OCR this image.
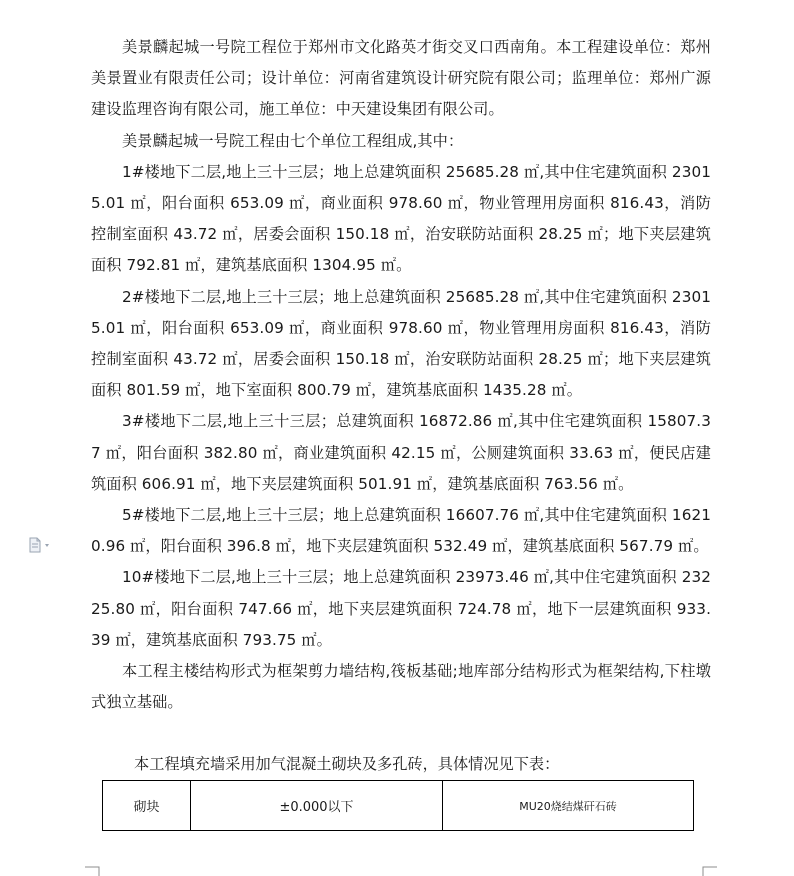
美景麟起城一号院工程位于郑州市文化路英才街交叉口西南角。本工程建设单位：郑州美景置业有限责任公司；设计单位：河南省建筑设计研究院有限公司；监理单位：郑州广源建设监理咨询有限公司，施工单位：中天建设集团有限公司。

美景麟起城一号院工程由七个单位工程组成,其中：

1#楼地下二层,地上三十三层；地上总建筑面积 25685.28 ㎡,其中住宅建筑面积 23015.01 ㎡，阳台面积 653.09 ㎡，商业面积 978.60 ㎡，物业管理用房面积 816.43，消防控制室面积 43.72 ㎡，居委会面积 150.18 ㎡，治安联防站面积 28.25 ㎡；地下夹层建筑面积 792.81 ㎡，建筑基底面积 1304.95 ㎡。

2#楼地下二层,地上三十三层；地上总建筑面积 25685.28 ㎡,其中住宅建筑面积 23015.01 ㎡，阳台面积 653.09 ㎡，商业面积 978.60 ㎡，物业管理用房面积 816.43，消防控制室面积 43.72 ㎡，居委会面积 150.18 ㎡，治安联防站面积 28.25 ㎡；地下夹层建筑面积 801.59 ㎡，地下室面积 800.79 ㎡，建筑基底面积 1435.28 ㎡。

3#楼地下二层,地上三十三层；总建筑面积 16872.86 ㎡,其中住宅建筑面积 15807.37 ㎡，阳台面积 382.80 ㎡，商业建筑面积 42.15 ㎡，公厕建筑面积 33.63 ㎡，便民店建筑面积 606.91 ㎡，地下夹层建筑面积 501.91 ㎡，建筑基底面积 763.56 ㎡。

5#楼地下二层,地上三十三层；地上总建筑面积 16607.76 ㎡,其中住宅建筑面积 16210.96 ㎡，阳台面积 396.8 ㎡，地下夹层建筑面积 532.49 ㎡，建筑基底面积 567.79 ㎡。

10#楼地下二层,地上三十三层；地上总建筑面积 23973.46 ㎡,其中住宅建筑面积 23225.80 ㎡，阳台面积 747.66 ㎡，地下夹层建筑面积 724.78 ㎡，地下一层建筑面积 933.39 ㎡，建筑基底面积 793.75 ㎡。

本工程主楼结构形式为框架剪力墙结构,筏板基础;地库部分结构形式为框架结构,下柱墩式独立基础。

本工程填充墙采用加气混凝土砌块及多孔砖，具体情况见下表：
砌块	±0.000以下	MU20烧结煤矸石砖
